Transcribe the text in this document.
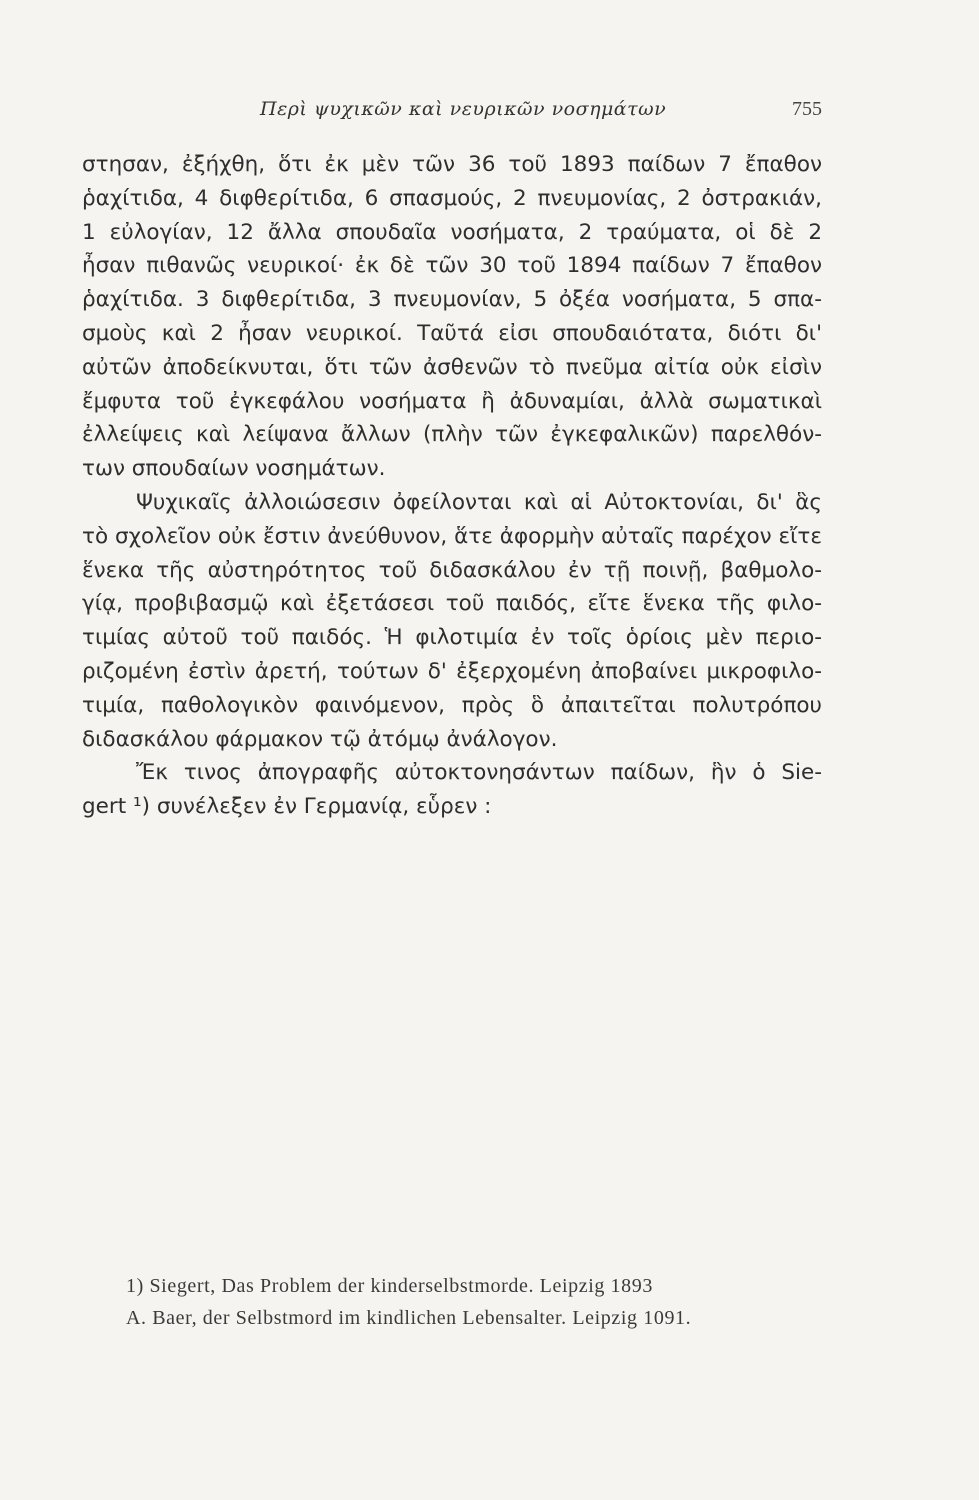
Περὶ ψυχικῶν καὶ νευρικῶν νοσημάτων	755
στησαν, ἐξήχθη, ὅτι ἐκ μὲν τῶν 36 τοῦ 1893 παίδων 7 ἔπαθον
ῥαχίτιδα, 4 διφθερίτιδα, 6 σπασμούς, 2 πνευμονίας, 2 ὀστρακιάν,
1 εὐλογίαν, 12 ἄλλα σπουδαῖα νοσήματα, 2 τραύματα, οἱ δὲ 2
ἦσαν πιθανῶς νευρικοί· ἐκ δὲ τῶν 30 τοῦ 1894 παίδων 7 ἔπαθον
ῥαχίτιδα. 3 διφθερίτιδα, 3 πνευμονίαν, 5 ὀξέα νοσήματα, 5 σπα-
σμοὺς καὶ 2 ἦσαν νευρικοί. Ταῦτά εἰσι σπουδαιότατα, διότι δι'
αὐτῶν ἀποδείκνυται, ὅτι τῶν ἀσθενῶν τὸ πνεῦμα αἰτία οὐκ εἰσὶν
ἔμφυτα τοῦ ἐγκεφάλου νοσήματα ἢ ἀδυναμίαι, ἀλλὰ σωματικαὶ
ἐλλείψεις καὶ λείψανα ἄλλων (πλὴν τῶν ἐγκεφαλικῶν) παρελθόν-
των σπουδαίων νοσημάτων.
Ψυχικαῖς ἀλλοιώσεσιν ὀφείλονται καὶ αἱ Αὐτοκτονίαι, δι' ἃς
τὸ σχολεῖον οὐκ ἔστιν ἀνεύθυνον, ἅτε ἀφορμὴν αὐταῖς παρέχον εἴτε
ἕνεκα τῆς αὐστηρότητος τοῦ διδασκάλου ἐν τῇ ποινῇ, βαθμολο-
γίᾳ, προβιβασμῷ καὶ ἐξετάσεσι τοῦ παιδός, εἴτε ἕνεκα τῆς φιλο-
τιμίας αὐτοῦ τοῦ παιδός. Ἡ φιλοτιμία ἐν τοῖς ὁρίοις μὲν περιο-
ριζομένη ἐστὶν ἀρετή, τούτων δ' ἐξερχομένη ἀποβαίνει μικροφιλο-
τιμία, παθολογικὸν φαινόμενον, πρὸς ὃ ἀπαιτεῖται πολυτρόπου
διδασκάλου φάρμακον τῷ ἀτόμῳ ἀνάλογον.
Ἔκ τινος ἀπογραφῆς αὐτοκτονησάντων παίδων, ἣν ὁ Sie-
gert ¹) συνέλεξεν ἐν Γερμανίᾳ, εὗρεν :
1) Siegert, Das Problem der kinderselbstmorde. Leipzig 1893
A. Baer, der Selbstmord im kindlichen Lebensalter. Leipzig 1091.
